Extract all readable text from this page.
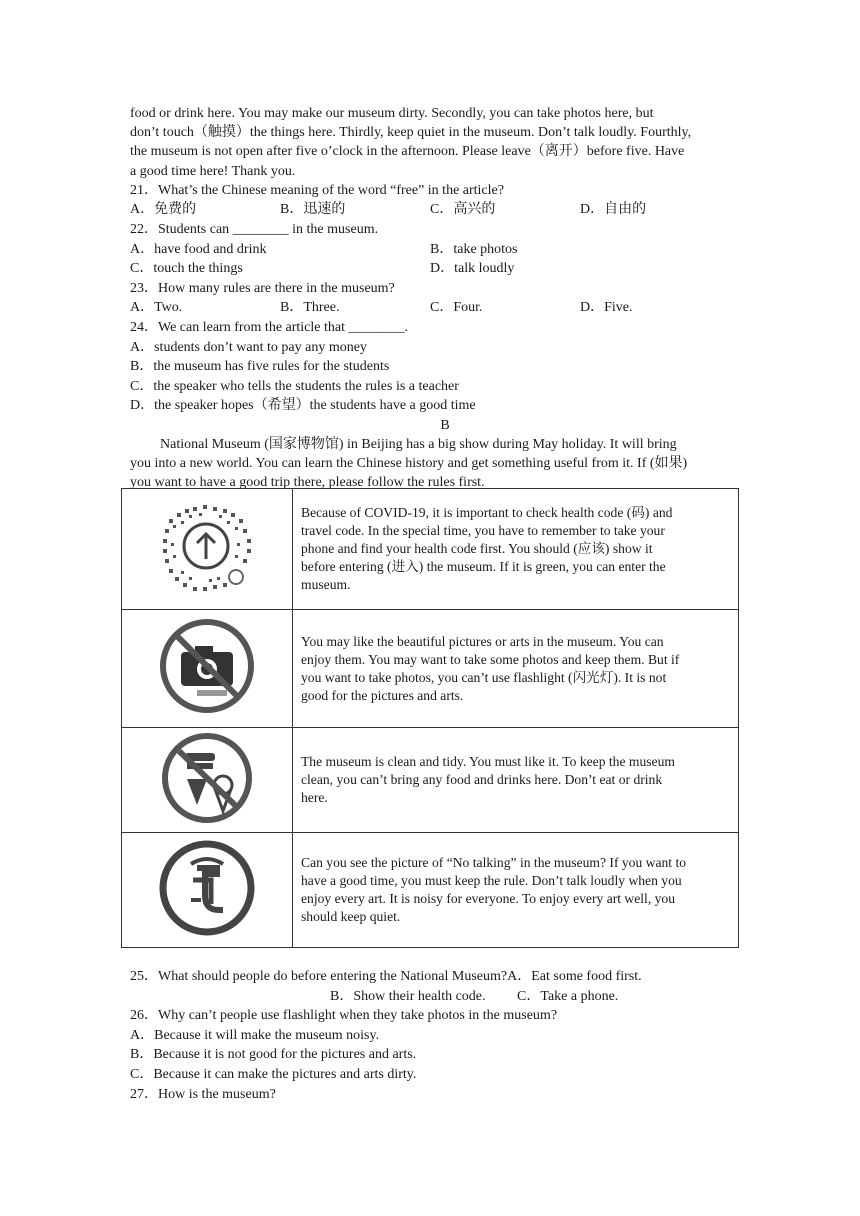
food or drink here. You may make our museum dirty. Secondly, you can take photos here, but

don’t touch（触摸）the things here. Thirdly, keep quiet in the museum. Don’t talk loudly. Fourthly,

the museum is not open after five o’clock in the afternoon. Please leave（离开）before five. Have

a good time here! Thank you.

21．What’s the Chinese meaning of the word “free” in the article?
A．免费的	B．迅速的	C．高兴的	D．自由的
22．Students can ________ in the museum.
A．have food and drink	B．take photos
C．touch the things	D．talk loudly
23．How many rules are there in the museum?
A．Two.	B．Three.	C．Four.	D．Five.
24．We can learn from the article that ________.
A．students don’t want to pay any money
B．the museum has five rules for the students
C．the speaker who tells the students the rules is a teacher
D．the speaker hopes（希望）the students have a good time
B

National Museum (国家博物馆) in Beijing has a big show during May holiday. It will bring

you into a new world. You can learn the Chinese history and get something useful from it. If (如果)

you want to have a good trip there, please follow the rules first.

Because of COVID-19, it is important to check health code (码) and

travel code. In the special time, you have to remember to take your

phone and find your health code first. You should (应该) show it

before entering (进入) the museum. If it is green, you can enter the

museum.

You may like the beautiful pictures or arts in the museum. You can

enjoy them. You may want to take some photos and keep them. But if

you want to take photos, you can’t use flashlight (闪光灯). It is not

good for the pictures and arts.

The museum is clean and tidy. You must like it. To keep the museum

clean, you can’t bring any food and drinks here. Don’t eat or drink

here.

Can you see the picture of “No talking” in the museum? If you want to

have a good time, you must keep the rule. Don’t talk loudly when you

enjoy every art. It is noisy for everyone. To enjoy every art well, you

should keep quiet.

25．What should people do before entering the National Museum?A．Eat some food first.
B．Show their health code. C．Take a phone.
26．Why can’t people use flashlight when they take photos in the museum?
A．Because it will make the museum noisy.
B．Because it is not good for the pictures and arts.
C．Because it can make the pictures and arts dirty.
27．How is the museum?
